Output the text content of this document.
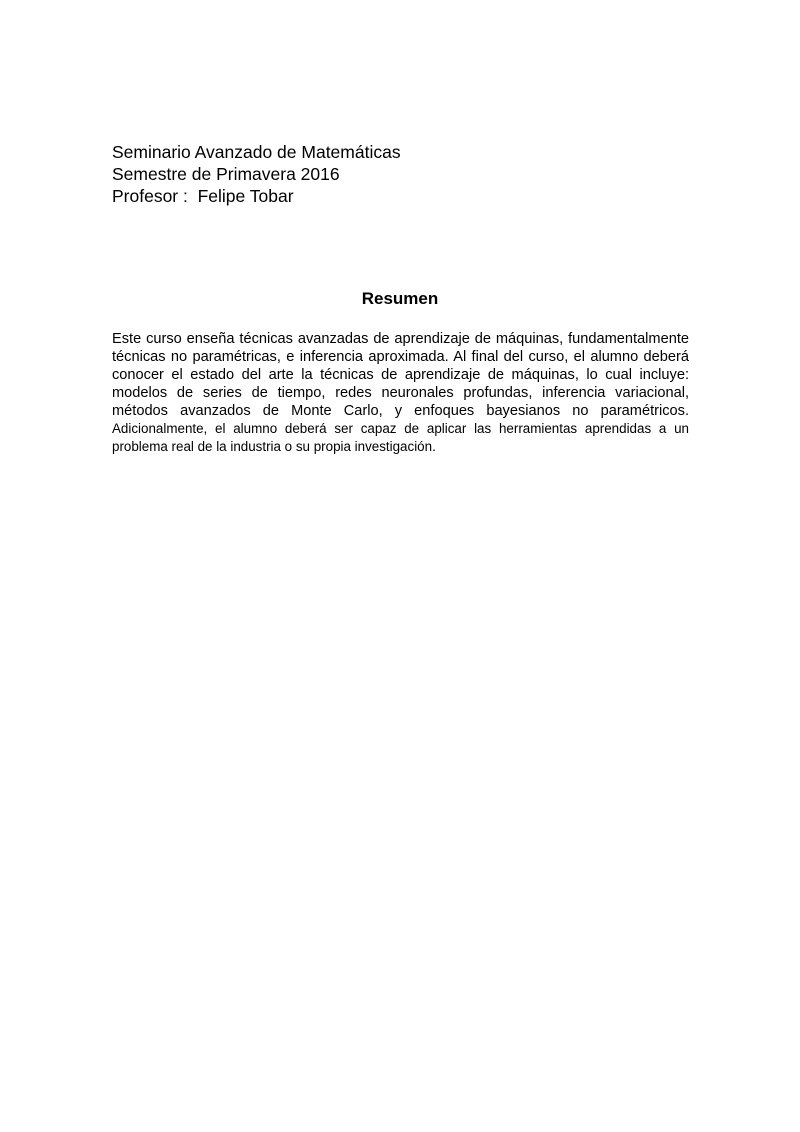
Seminario Avanzado de Matemáticas
Semestre de Primavera 2016
Profesor :  Felipe Tobar
Resumen

Este curso enseña técnicas avanzadas de aprendizaje de máquinas, fundamentalmente técnicas no paramétricas, e inferencia aproximada. Al final del curso, el alumno deberá conocer el estado del arte la técnicas de aprendizaje de máquinas, lo cual incluye: modelos de series de tiempo, redes neuronales profundas, inferencia variacional, métodos avanzados de Monte Carlo, y enfoques bayesianos no paramétricos. Adicionalmente, el alumno deberá ser capaz de aplicar las herramientas aprendidas a un problema real de la industria o su propia investigación.
